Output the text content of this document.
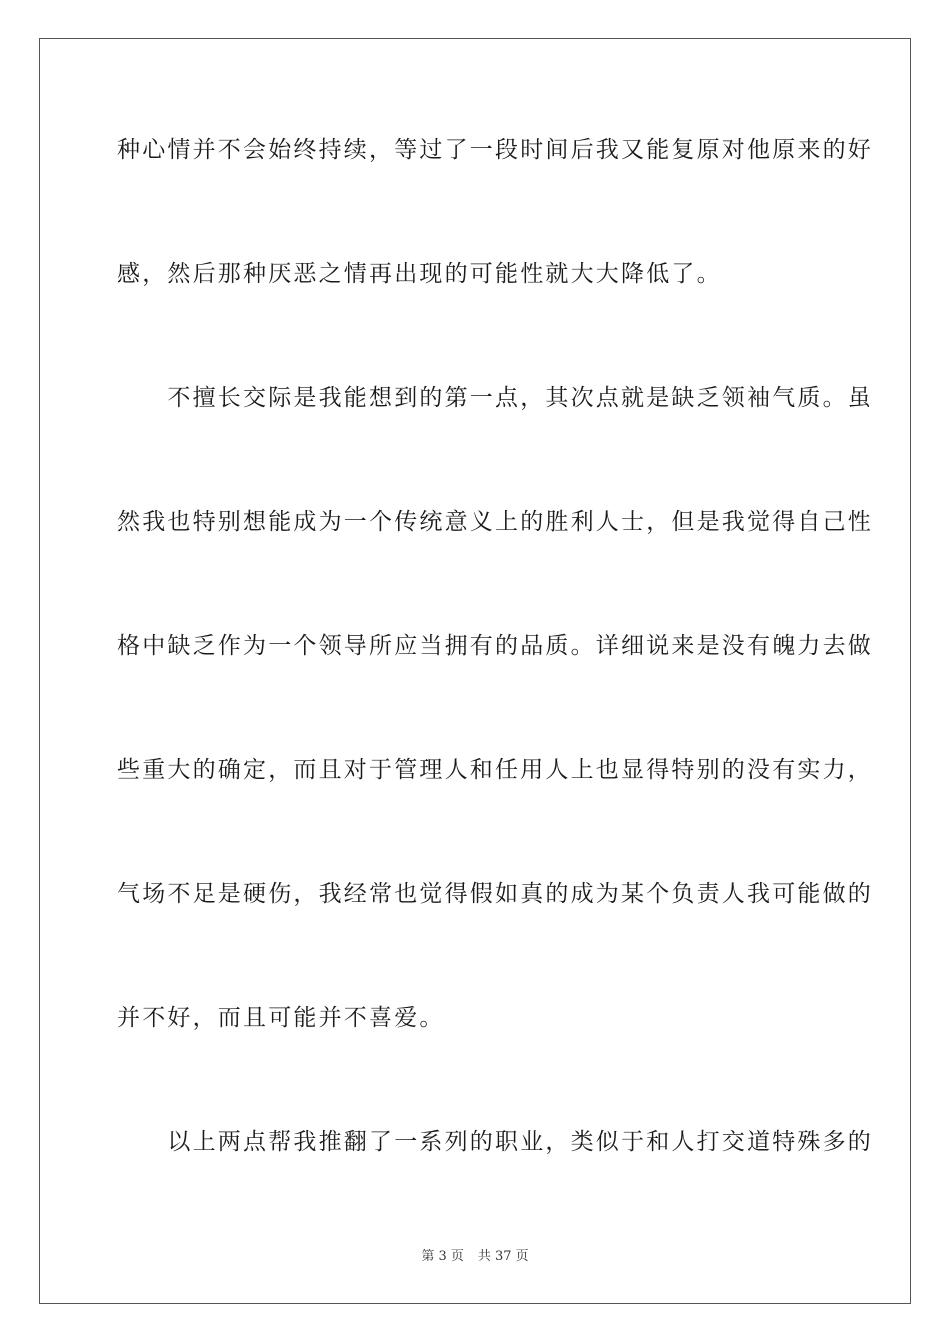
种心情并不会始终持续，等过了一段时间后我又能复原对他原来的好
感，然后那种厌恶之情再出现的可能性就大大降低了。
　　不擅长交际是我能想到的第一点，其次点就是缺乏领袖气质。虽
然我也特别想能成为一个传统意义上的胜利人士，但是我觉得自己性
格中缺乏作为一个领导所应当拥有的品质。详细说来是没有魄力去做
些重大的确定，而且对于管理人和任用人上也显得特别的没有实力，
气场不足是硬伤，我经常也觉得假如真的成为某个负责人我可能做的
并不好，而且可能并不喜爱。
　　以上两点帮我推翻了一系列的职业，类似于和人打交道特殊多的
第 3 页 共 37 页
